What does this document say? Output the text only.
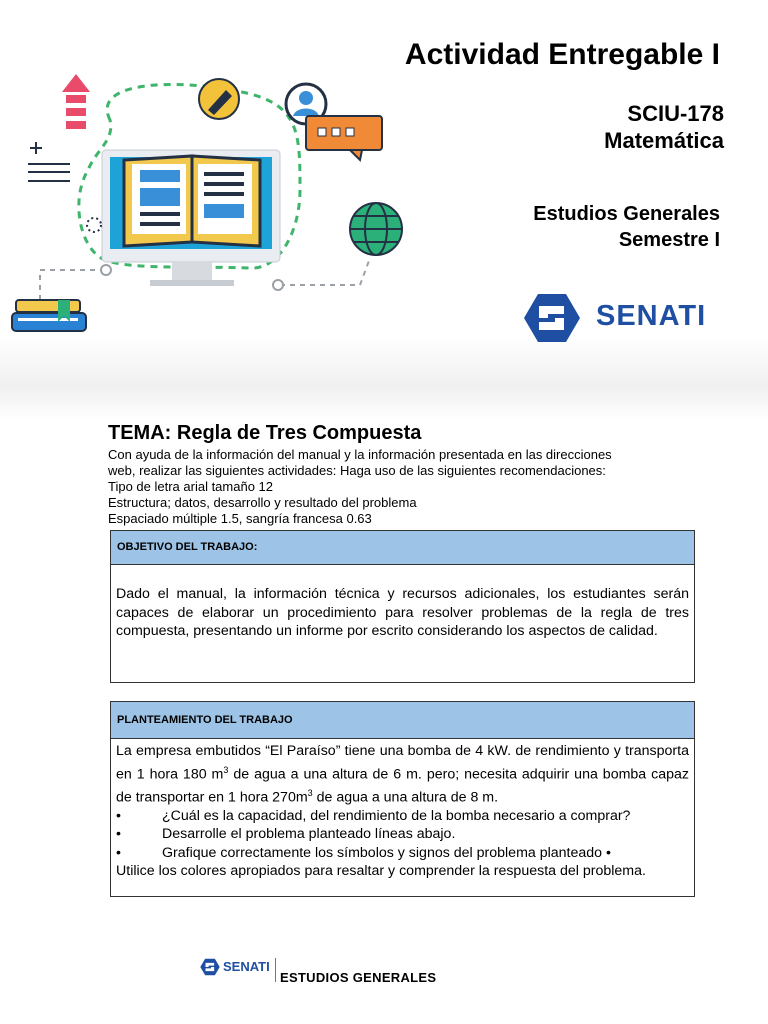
Actividad Entregable I
SCIU-178
Matemática
Estudios Generales
Semestre I
SENATI
TEMA: Regla de Tres Compuesta
Con ayuda de la información del manual y la información presentada en las direcciones
web, realizar las siguientes actividades: Haga uso de las siguientes recomendaciones:
Tipo de letra arial tamaño 12
Estructura; datos, desarrollo y resultado del problema
Espaciado múltiple 1.5, sangría francesa 0.63
OBJETIVO DEL TRABAJO:
Dado el manual, la información técnica y recursos adicionales, los estudiantes serán capaces de elaborar un procedimiento para resolver problemas de la regla de tres compuesta, presentando un informe por escrito considerando los aspectos de calidad.
PLANTEAMIENTO DEL TRABAJO
La empresa embutidos “El Paraíso” tiene una bomba de 4 kW. de rendimiento y transporta en 1 hora 180 $m^3$ de agua a una altura de 6 m. pero; necesita adquirir una bomba capaz de transportar en 1 hora $270m^3$ de agua a una altura de 8 m.
•	¿Cuál es la capacidad, del rendimiento de la bomba necesario a comprar?
•	Desarrolle el problema planteado líneas abajo.
•	Grafique correctamente los símbolos y signos del problema planteado •
Utilice los colores apropiados para resaltar y comprender la respuesta del problema.
SENATI
ESTUDIOS GENERALES
